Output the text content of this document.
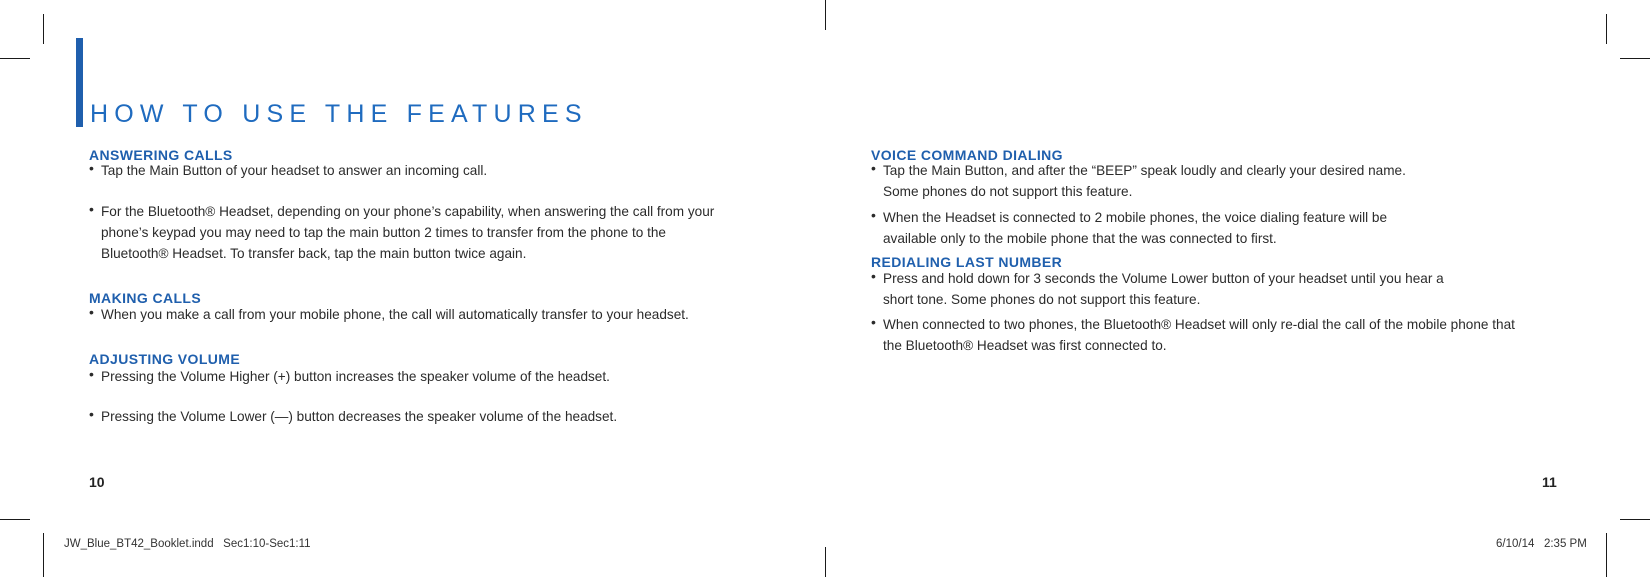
HOW TO USE THE FEATURES
ANSWERING CALLS
• Tap the Main Button of your headset to answer an incoming call.
• For the Bluetooth® Headset, depending on your phone’s capability, when answering the call from your
phone’s keypad you may need to tap the main button 2 times to transfer from the phone to the
Bluetooth® Headset. To transfer back, tap the main button twice again.
MAKING CALLS
• When you make a call from your mobile phone, the call will automatically transfer to your headset.
ADJUSTING VOLUME
• Pressing the Volume Higher (+) button increases the speaker volume of the headset.
• Pressing the Volume Lower (—) button decreases the speaker volume of the headset.
10
VOICE COMMAND DIALING
• Tap the Main Button, and after the “BEEP” speak loudly and clearly your desired name.
Some phones do not support this feature.
• When the Headset is connected to 2 mobile phones, the voice dialing feature will be
available only to the mobile phone that the was connected to first.
REDIALING LAST NUMBER
• Press and hold down for 3 seconds the Volume Lower button of your headset until you hear a
short tone. Some phones do not support this feature.
• When connected to two phones, the Bluetooth® Headset will only re-dial the call of the mobile phone that
the Bluetooth® Headset was first connected to.
11
JW_Blue_BT42_Booklet.indd   Sec1:10-Sec1:11	6/10/14   2:35 PM
